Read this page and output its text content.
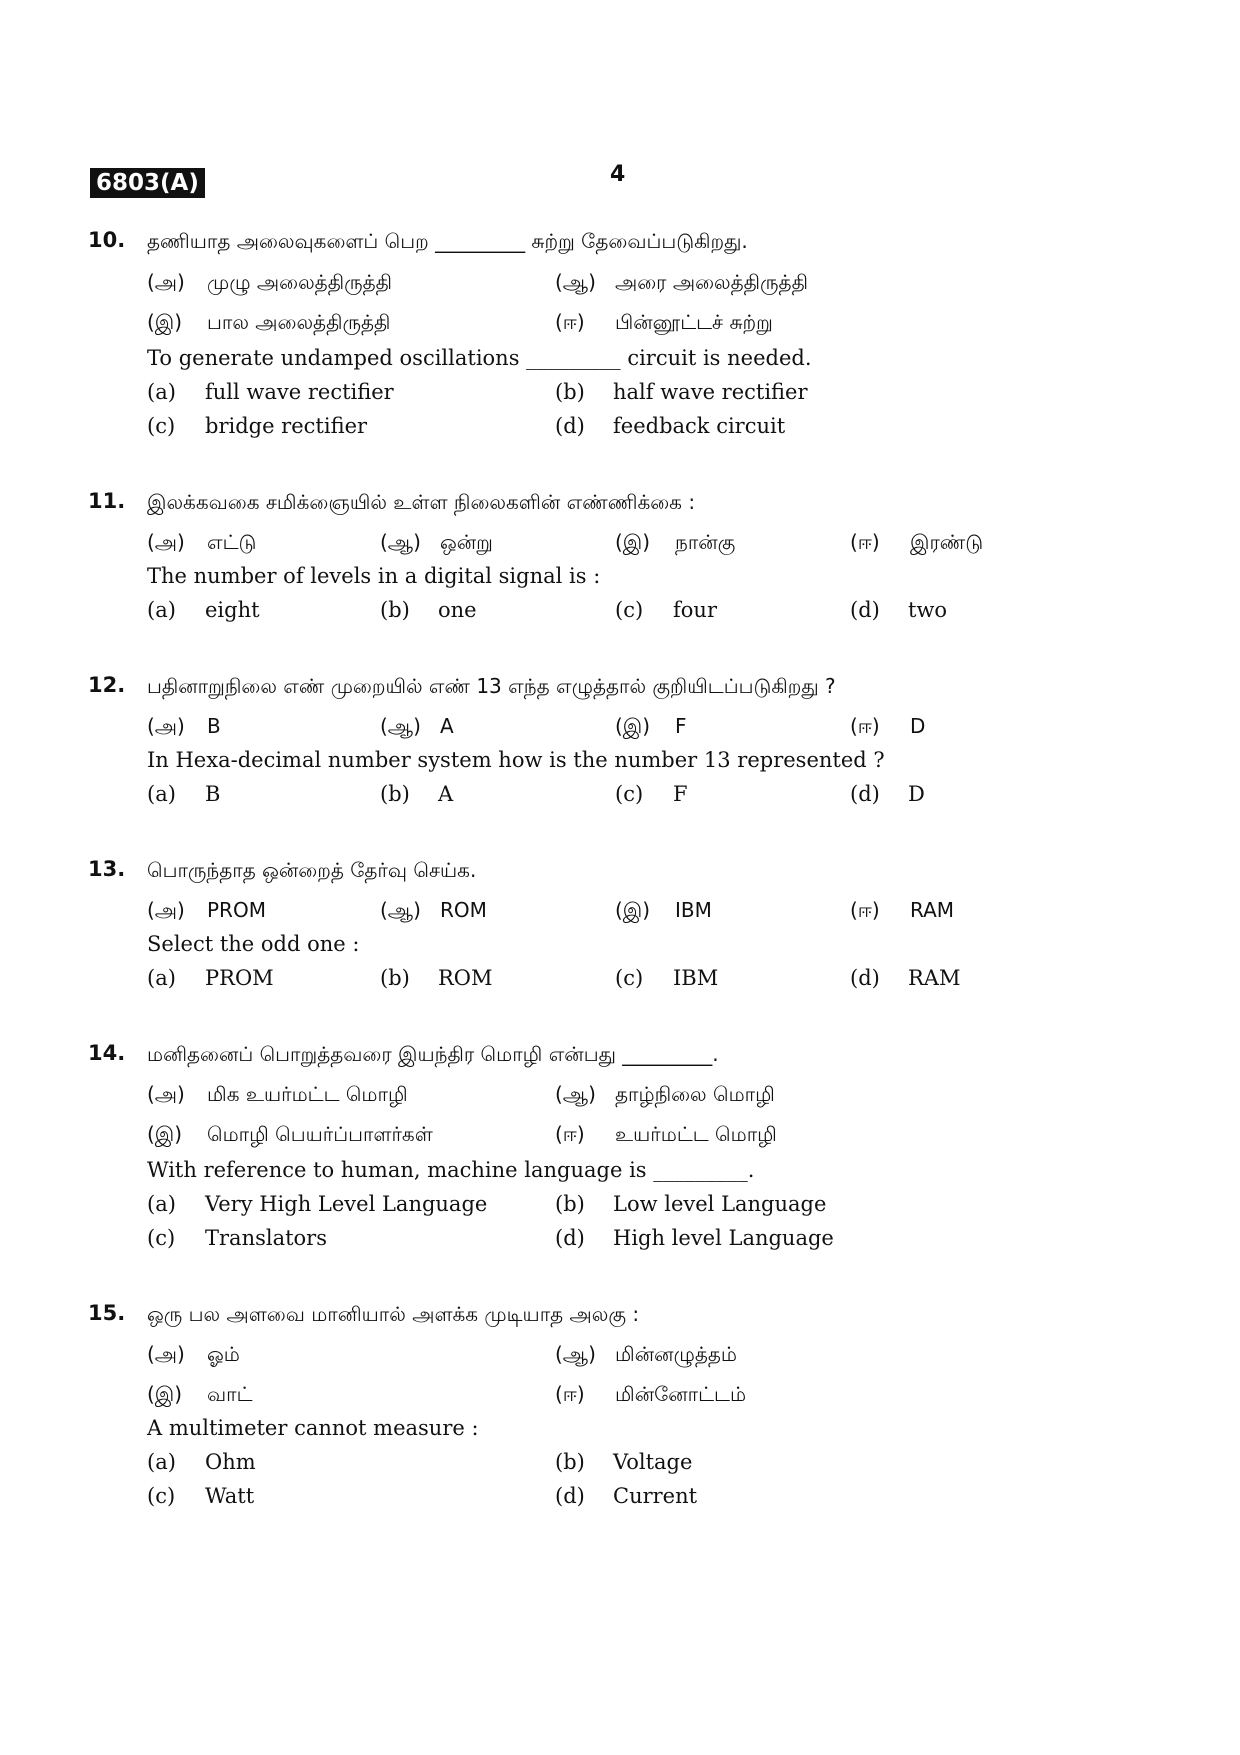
6803(A)	4
10. தணியாத அலைவுகளைப் பெற _________ சுற்று தேவைப்படுகிறது.
(அ) முழு அலைத்திருத்தி	(ஆ) அரை அலைத்திருத்தி
(இ) பால அலைத்திருத்தி	(ஈ) பின்னூட்டச் சுற்று
To generate undamped oscillations _________ circuit is needed.
(a) full wave rectifier	(b) half wave rectifier
(c) bridge rectifier	(d) feedback circuit
11. இலக்கவகை சமிக்ஞையில் உள்ள நிலைகளின் எண்ணிக்கை :
(அ) எட்டு	(ஆ) ஒன்று	(இ) நான்கு	(ஈ) இரண்டு
The number of levels in a digital signal is :
(a) eight	(b) one	(c) four	(d) two
12. பதினாறுநிலை எண் முறையில் எண் 13 எந்த எழுத்தால் குறியிடப்படுகிறது ?
(அ) B	(ஆ) A	(இ) F	(ஈ) D
In Hexa-decimal number system how is the number 13 represented ?
(a) B	(b) A	(c) F	(d) D
13. பொருந்தாத ஒன்றைத் தேர்வு செய்க.
(அ) PROM	(ஆ) ROM	(இ) IBM	(ஈ) RAM
Select the odd one :
(a) PROM	(b) ROM	(c) IBM	(d) RAM
14. மனிதனைப் பொறுத்தவரை இயந்திர மொழி என்பது _________.
(அ) மிக உயர்மட்ட மொழி	(ஆ) தாழ்நிலை மொழி
(இ) மொழி பெயர்ப்பாளர்கள்	(ஈ) உயர்மட்ட மொழி
With reference to human, machine language is _________.
(a) Very High Level Language	(b) Low level Language
(c) Translators	(d) High level Language
15. ஒரு பல அளவை மானியால் அளக்க முடியாத அலகு :
(அ) ஓம்	(ஆ) மின்னழுத்தம்
(இ) வாட்	(ஈ) மின்னோட்டம்
A multimeter cannot measure :
(a) Ohm	(b) Voltage
(c) Watt	(d) Current
